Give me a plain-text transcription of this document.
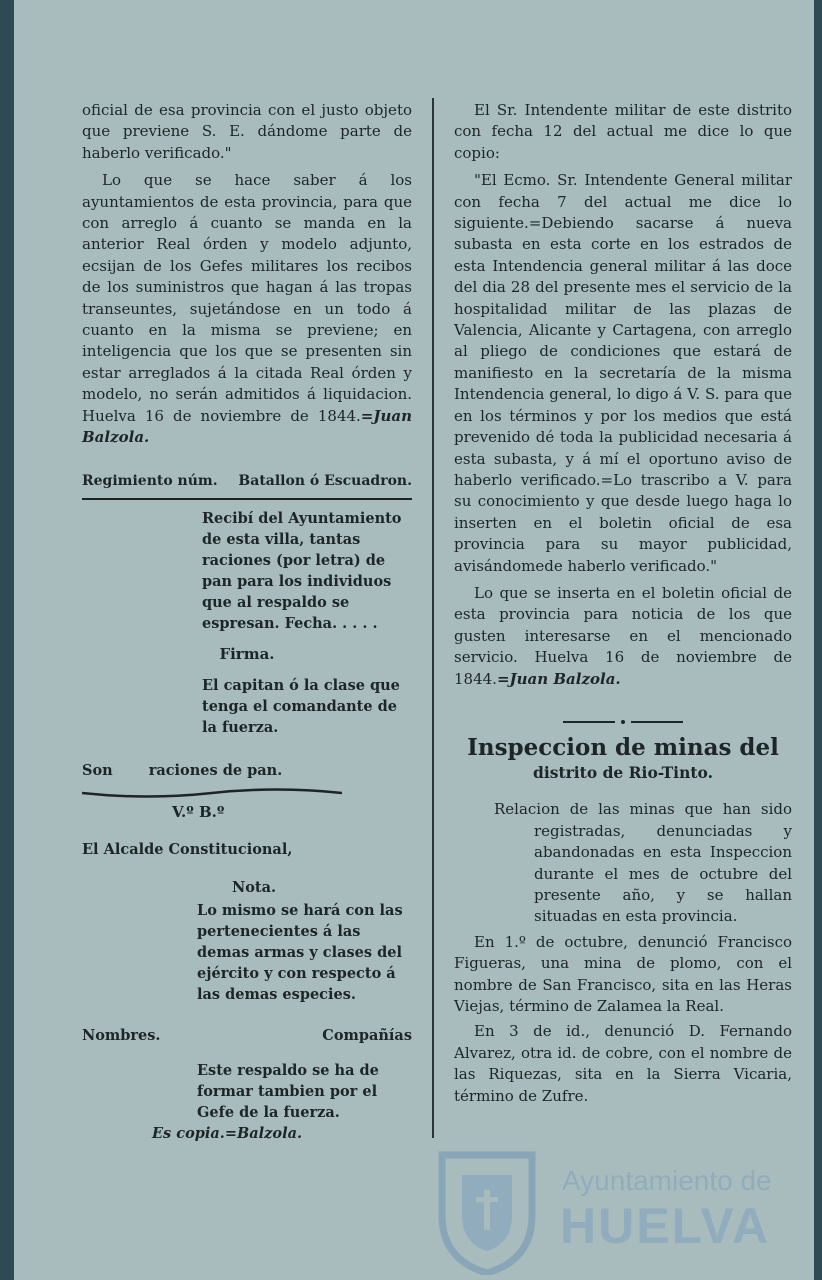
oficial de esa provincia con el justo objeto que previene S. E. dándome parte de haberlo verificado."

Lo que se hace saber á los ayuntamientos de esta provincia, para que con arreglo á cuanto se manda en la anterior Real órden y modelo adjunto, ecsijan de los Gefes militares los recibos de los suministros que hagan á las tropas transeuntes, sujetándose en un todo á cuanto en la misma se previene; en inteligencia que los que se presenten sin estar arreglados á la citada Real órden y modelo, no serán admitidos á liquidacion. Huelva 16 de noviembre de 1844.=Juan Balzola.

Regimiento núm. Batallon ó Escuadron.
Recibí del Ayuntamiento de esta villa, tantas raciones (por letra) de pan para los individuos que al respaldo se espresan. Fecha. . . . .
Firma.
El capitan ó la clase que tenga el comandante de la fuerza.
Son raciones de pan.
V.º B.º
El Alcalde Constitucional,
Nota.
Lo mismo se hará con las pertenecientes á las demas armas y clases del ejército y con respecto á las demas especies.
Nombres.	Compañías
Este respaldo se ha de formar tambien por el Gefe de la fuerza.
Es copia.=Balzola.

El Sr. Intendente militar de este distrito con fecha 12 del actual me dice lo que copio:

"El Ecmo. Sr. Intendente General militar con fecha 7 del actual me dice lo siguiente.=Debiendo sacarse á nueva subasta en esta corte en los estrados de esta Intendencia general militar á las doce del dia 28 del presente mes el servicio de la hospitalidad militar de las plazas de Valencia, Alicante y Cartagena, con arreglo al pliego de condiciones que estará de manifiesto en la secretaría de la misma Intendencia general, lo digo á V. S. para que en los términos y por los medios que está prevenido dé toda la publicidad necesaria á esta subasta, y á mí el oportuno aviso de haberlo verificado.=Lo trascribo a V. para su conocimiento y que desde luego haga lo inserten en el boletin oficial de esa provincia para su mayor publicidad, avisándomede haberlo verificado."

Lo que se inserta en el boletin oficial de esta provincia para noticia de los que gusten interesarse en el mencionado servicio. Huelva 16 de noviembre de 1844.=Juan Balzola.

Inspeccion de minas del
distrito de Rio-Tinto.

Relacion de las minas que han sido registradas, denunciadas y abandonadas en esta Inspeccion durante el mes de octubre del presente año, y se hallan situadas en esta provincia.

En 1.º de octubre, denunció Francisco Figueras, una mina de plomo, con el nombre de San Francisco, sita en las Heras Viejas, término de Zalamea la Real.

En 3 de id., denunció D. Fernando Alvarez, otra id. de cobre, con el nombre de las Riquezas, sita en la Sierra Vicaria, término de Zufre.

Ayuntamiento de
HUELVA
